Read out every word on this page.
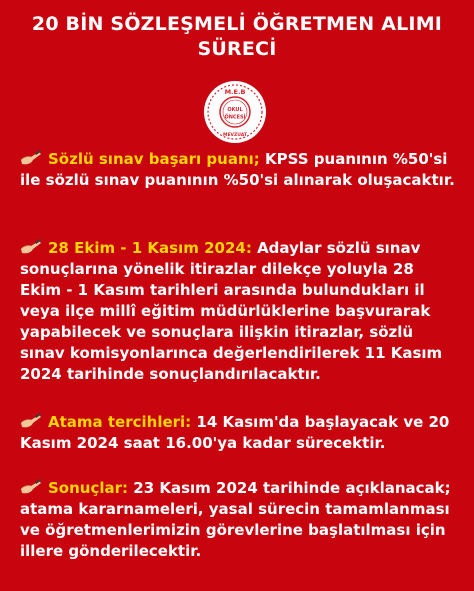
20 BİN SÖZLEŞMELİ ÖĞRETMEN ALIMI
SÜRECİ
M.E.B
OKUL
ÖNCESİ
MEVZUAT

Sözlü sınav başarı puanı; KPSS puanının %50'si ile sözlü sınav puanının %50'si alınarak oluşacaktır.

28 Ekim - 1 Kasım 2024: Adaylar sözlü sınav sonuçlarına yönelik itirazlar dilekçe yoluyla 28 Ekim - 1 Kasım tarihleri arasında bulundukları il veya ilçe millî eğitim müdürlüklerine başvurarak yapabilecek ve sonuçlara ilişkin itirazlar, sözlü sınav komisyonlarınca değerlendirilerek 11 Kasım 2024 tarihinde sonuçlandırılacaktır.

Atama tercihleri: 14 Kasım'da başlayacak ve 20 Kasım 2024 saat 16.00'ya kadar sürecektir.

Sonuçlar: 23 Kasım 2024 tarihinde açıklanacak; atama kararnameleri, yasal sürecin tamamlanması ve öğretmenlerimizin görevlerine başlatılması için illere gönderilecektir.
